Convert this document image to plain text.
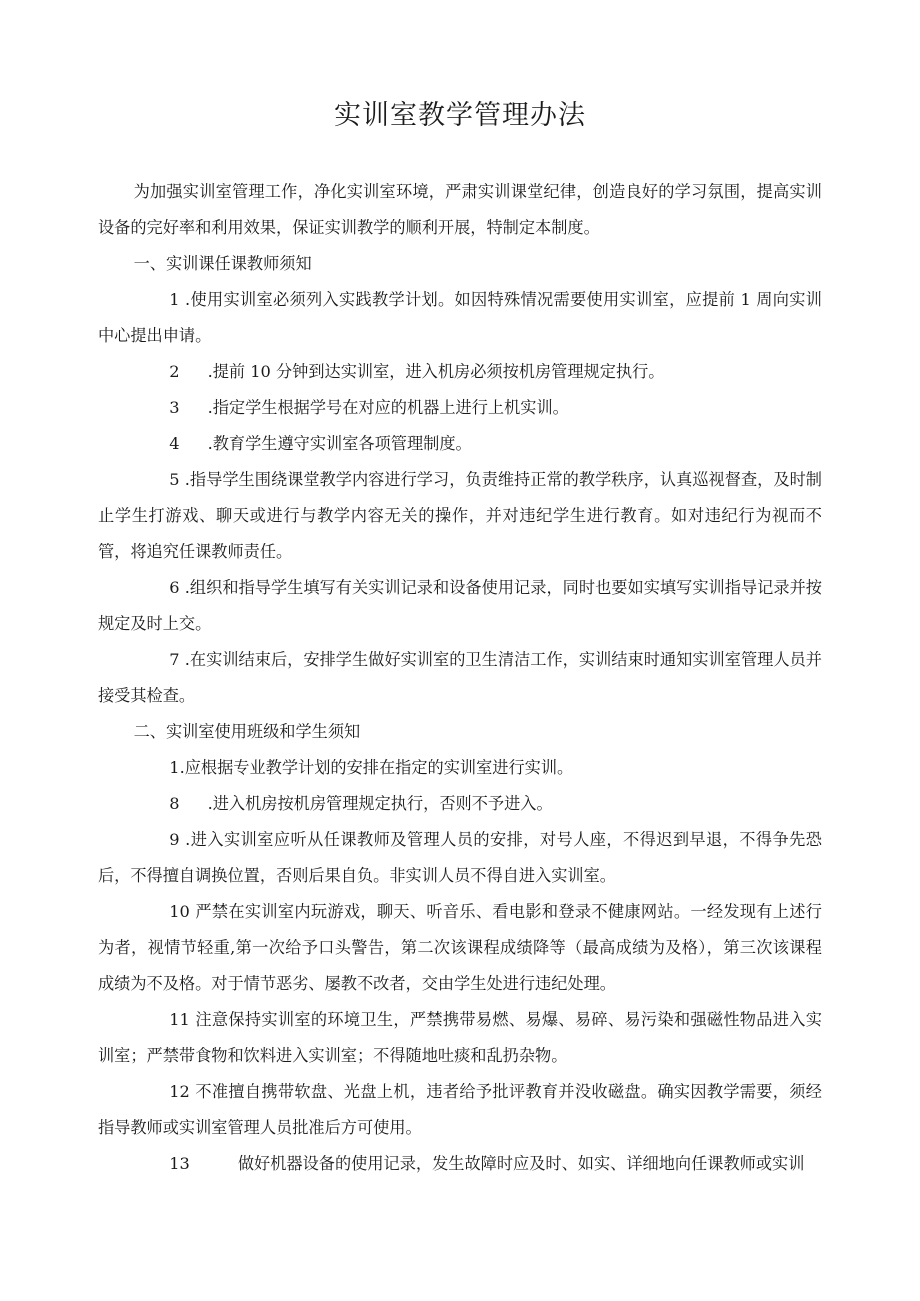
实训室教学管理办法

为加强实训室管理工作，净化实训室环境，严肃实训课堂纪律，创造良好的学习氛围，提高实训设备的完好率和利用效果，保证实训教学的顺利开展，特制定本制度。

一、实训课任课教师须知

1 .使用实训室必须列入实践教学计划。如因特殊情况需要使用实训室，应提前 1 周向实训中心提出申请。

2 .提前 10 分钟到达实训室，进入机房必须按机房管理规定执行。

3 .指定学生根据学号在对应的机器上进行上机实训。

4 .教育学生遵守实训室各项管理制度。

5 .指导学生围绕课堂教学内容进行学习，负责维持正常的教学秩序，认真巡视督查，及时制止学生打游戏、聊天或进行与教学内容无关的操作，并对违纪学生进行教育。如对违纪行为视而不管，将追究任课教师责任。

6 .组织和指导学生填写有关实训记录和设备使用记录，同时也要如实填写实训指导记录并按规定及时上交。

7 .在实训结束后，安排学生做好实训室的卫生清洁工作，实训结束时通知实训室管理人员并接受其检查。

二、实训室使用班级和学生须知

1.应根据专业教学计划的安排在指定的实训室进行实训。

8 .进入机房按机房管理规定执行，否则不予进入。

9 .进入实训室应听从任课教师及管理人员的安排，对号人座，不得迟到早退，不得争先恐后，不得擅自调换位置，否则后果自负。非实训人员不得自进入实训室。

10 严禁在实训室内玩游戏，聊天、听音乐、看电影和登录不健康网站。一经发现有上述行为者，视情节轻重,第一次给予口头警告，第二次该课程成绩降等（最高成绩为及格），第三次该课程成绩为不及格。对于情节恶劣、屡教不改者，交由学生处进行违纪处理。

11 注意保持实训室的环境卫生，严禁携带易燃、易爆、易碎、易污染和强磁性物品进入实训室；严禁带食物和饮料进入实训室；不得随地吐痰和乱扔杂物。

12 不准擅自携带软盘、光盘上机，违者给予批评教育并没收磁盘。确实因教学需要，须经指导教师或实训室管理人员批准后方可使用。

13	做好机器设备的使用记录，发生故障时应及时、如实、详细地向任课教师或实训
